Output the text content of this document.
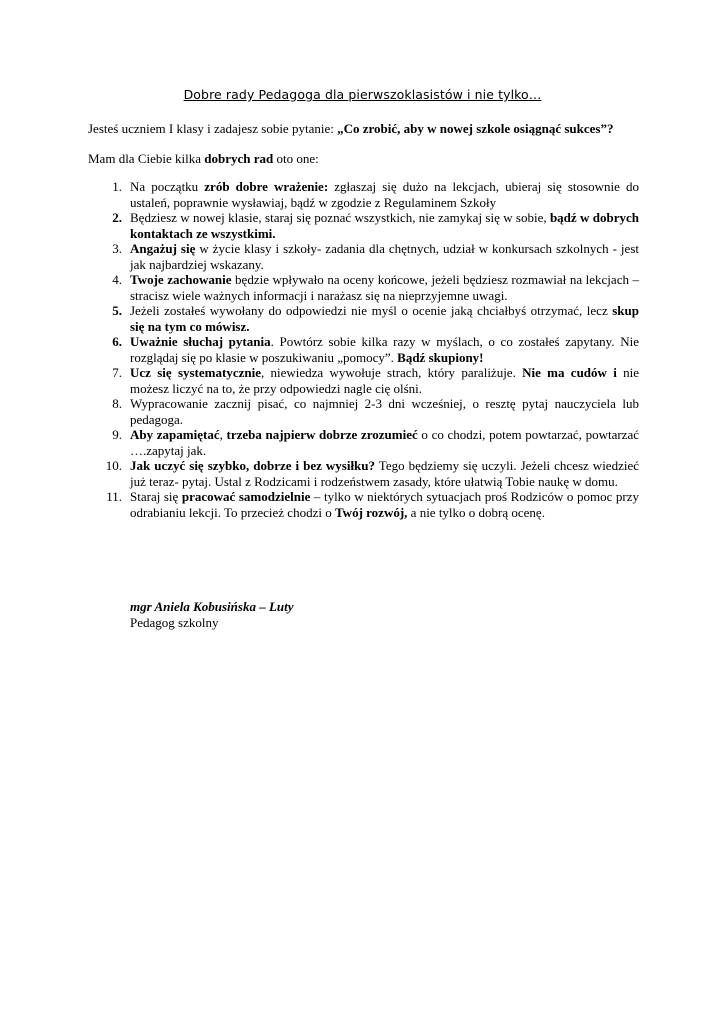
Dobre rady Pedagoga dla pierwszoklasistów i nie tylko…
Jesteś uczniem I klasy i zadajesz sobie pytanie: „Co zrobić, aby w nowej szkole osiągnąć sukces”?
Mam dla Ciebie kilka dobrych rad oto one:
1. Na początku zrób dobre wrażenie: zgłaszaj się dużo na lekcjach, ubieraj się stosownie do ustaleń, poprawnie wysławiaj, bądź w zgodzie z Regulaminem Szkoły
2. Będziesz w nowej klasie, staraj się poznać wszystkich, nie zamykaj się w sobie, bądź w dobrych kontaktach ze wszystkimi.
3. Angażuj się w życie klasy i szkoły- zadania dla chętnych, udział w konkursach szkolnych - jest jak najbardziej wskazany.
4. Twoje zachowanie będzie wpływało na oceny końcowe, jeżeli będziesz rozmawiał na lekcjach – stracisz wiele ważnych informacji i narażasz się na nieprzyjemne uwagi.
5. Jeżeli zostałeś wywołany do odpowiedzi nie myśl o ocenie jaką chciałbyś otrzymać, lecz skup się na tym co mówisz.
6. Uważnie słuchaj pytania. Powtórz sobie kilka razy w myślach, o co zostałeś zapytany. Nie rozglądaj się po klasie w poszukiwaniu „pomocy”. Bądź skupiony!
7. Ucz się systematycznie, niewiedza wywołuje strach, który paraliżuje. Nie ma cudów i nie możesz liczyć na to, że przy odpowiedzi nagle cię olśni.
8. Wypracowanie zacznij pisać, co najmniej 2-3 dni wcześniej, o resztę pytaj nauczyciela lub pedagoga.
9. Aby zapamiętać, trzeba najpierw dobrze zrozumieć o co chodzi, potem powtarzać, powtarzać ….zapytaj jak.
10. Jak uczyć się szybko, dobrze i bez wysiłku? Tego będziemy się uczyli. Jeżeli chcesz wiedzieć już teraz- pytaj. Ustal z Rodzicami i rodzeństwem zasady, które ułatwią Tobie naukę w domu.
11. Staraj się pracować samodzielnie – tylko w niektórych sytuacjach proś Rodziców o pomoc przy odrabianiu lekcji. To przecież chodzi o Twój rozwój, a nie tylko o dobrą ocenę.
mgr Aniela Kobusińska – Luty
Pedagog szkolny
